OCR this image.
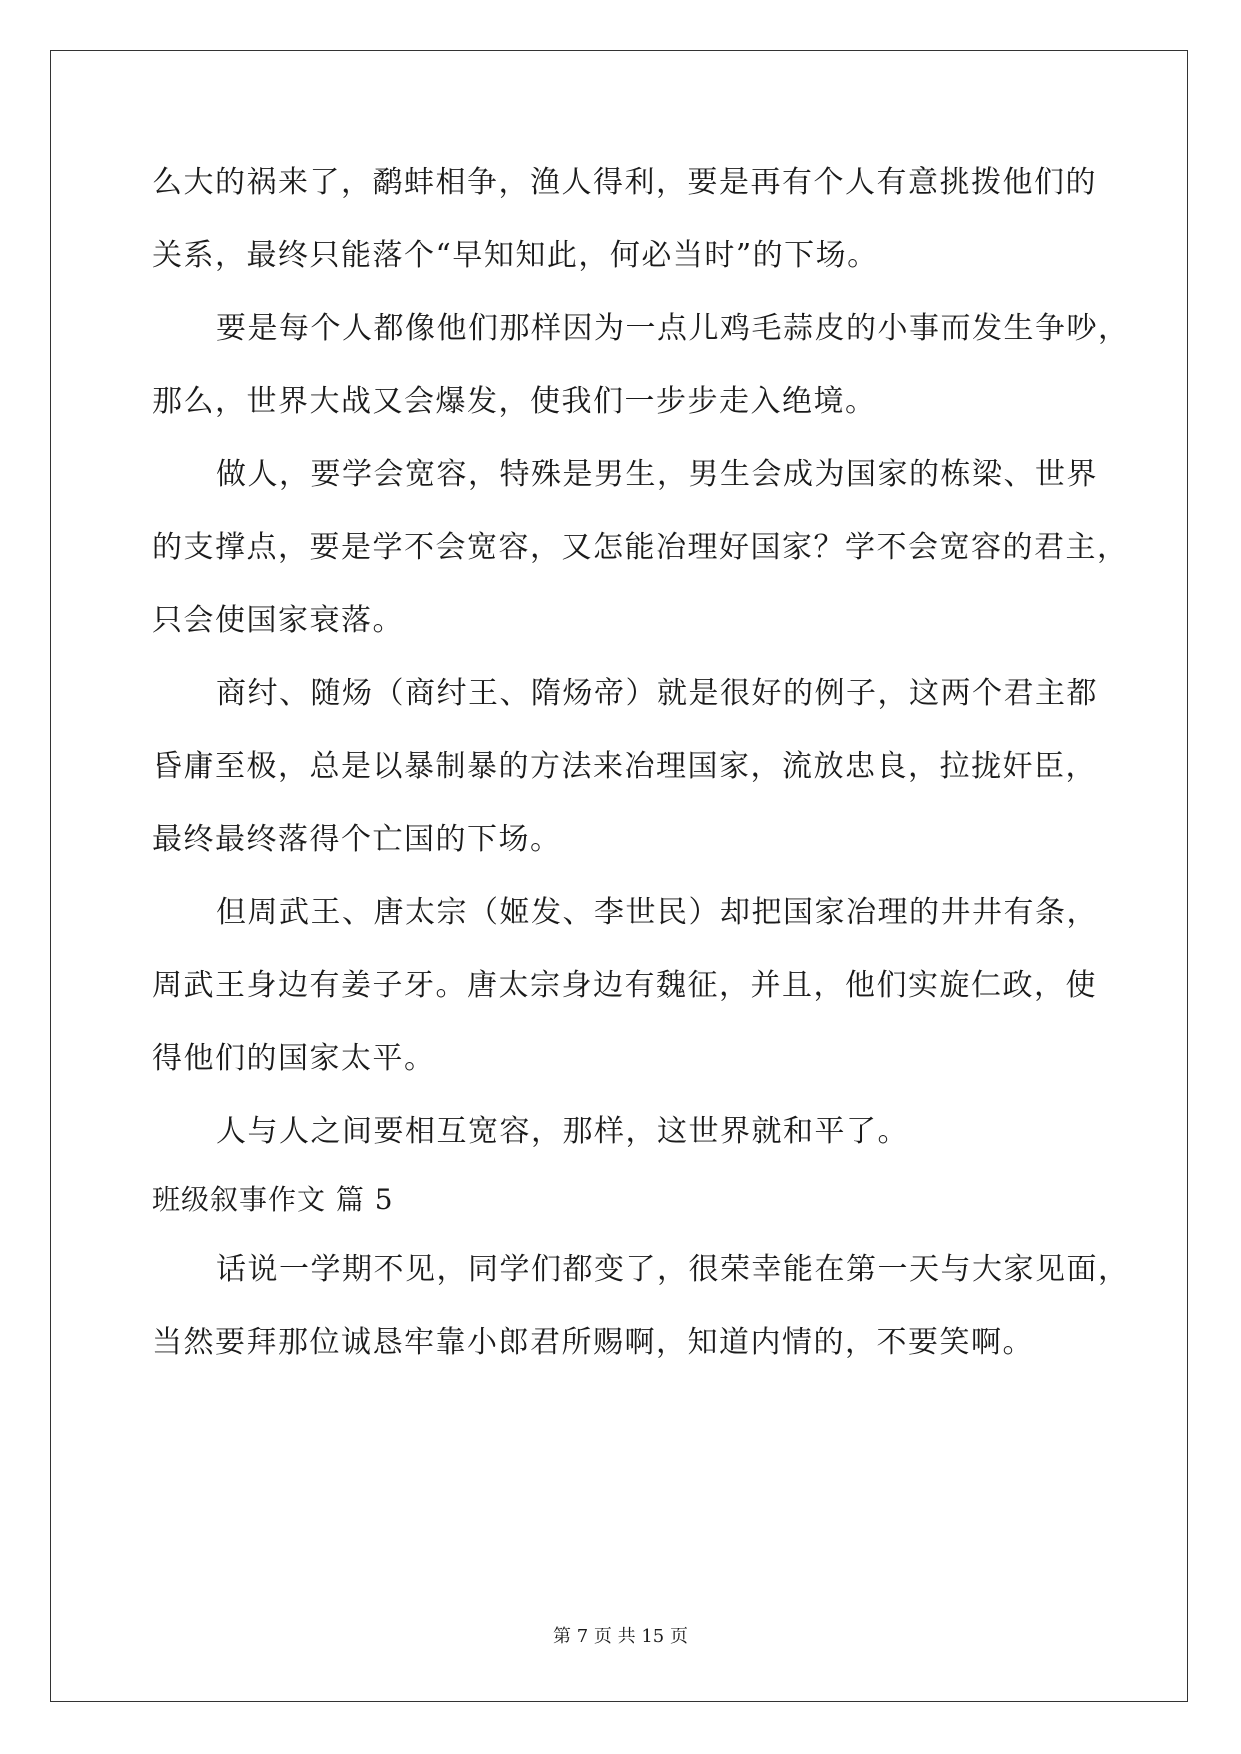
么大的祸来了，鹬蚌相争，渔人得利，要是再有个人有意挑拨他们的
关系，最终只能落个“早知知此，何必当时”的下场。
要是每个人都像他们那样因为一点儿鸡毛蒜皮的小事而发生争吵，
那么，世界大战又会爆发，使我们一步步走入绝境。
做人，要学会宽容，特殊是男生，男生会成为国家的栋梁、世界
的支撑点，要是学不会宽容，又怎能冶理好国家？学不会宽容的君主，
只会使国家衰落。
商纣、随炀（商纣王、隋炀帝）就是很好的例子，这两个君主都
昏庸至极，总是以暴制暴的方法来冶理国家，流放忠良，拉拢奸臣，
最终最终落得个亡国的下场。
但周武王、唐太宗（姬发、李世民）却把国家冶理的井井有条，
周武王身边有姜子牙。唐太宗身边有魏征，并且，他们实旋仁政，使
得他们的国家太平。
人与人之间要相互宽容，那样，这世界就和平了。
班级叙事作文 篇 5
话说一学期不见，同学们都变了，很荣幸能在第一天与大家见面，
当然要拜那位诚恳牢靠小郎君所赐啊，知道内情的，不要笑啊。
第 7 页 共 15 页
